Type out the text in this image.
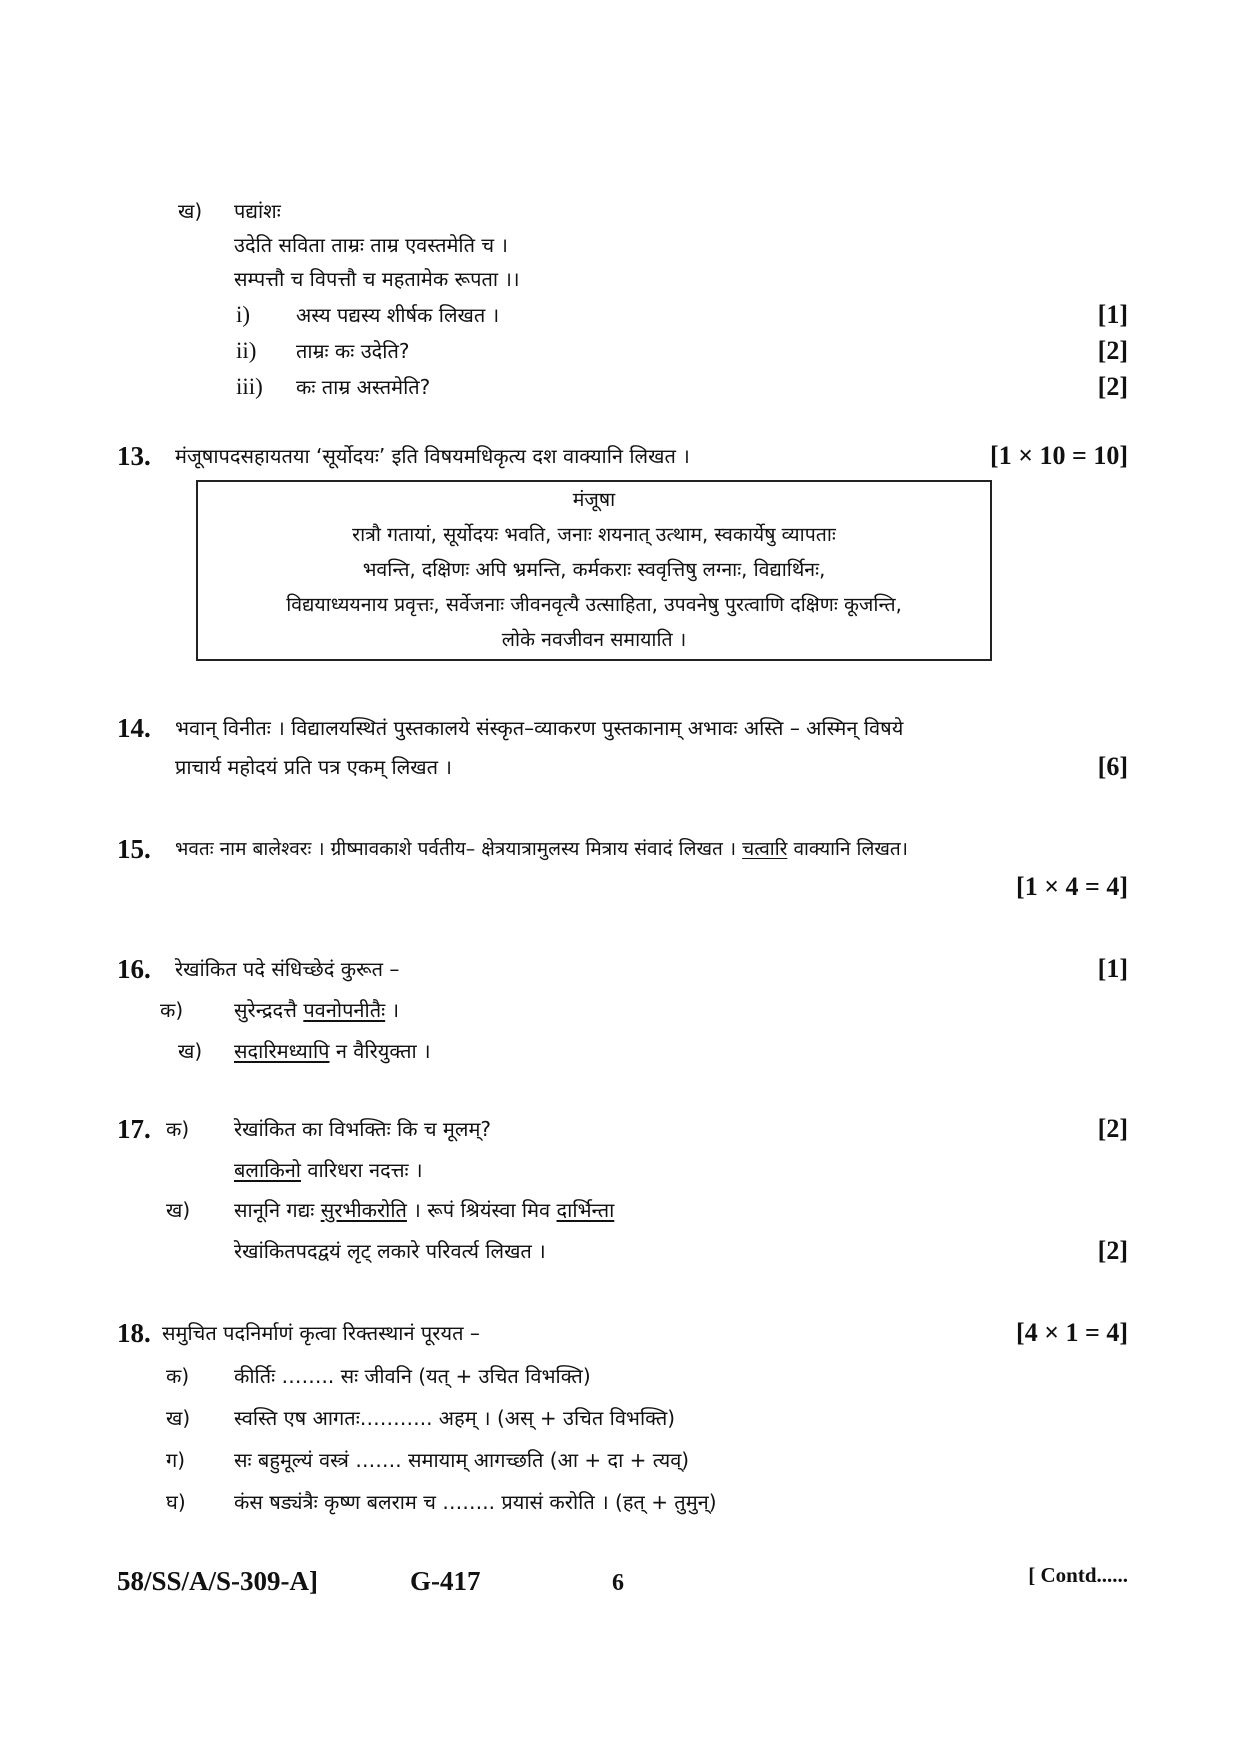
ख) पद्यांशः
उदेति सविता ताम्रः ताम्र एवस्तमेति च ।
सम्पत्तौ च विपत्तौ च महतामेक रूपता ।।
i) अस्य पद्यस्य शीर्षक लिखत ।	[1]
ii) ताम्रः कः उदेति?	[2]
iii) कः ताम्र अस्तमेति?	[2]
13. मंजूषापदसहायतया ‘सूर्योदयः’ इति विषयमधिकृत्य दश वाक्यानि लिखत ।	[1 × 10 = 10]
मंजूषा
रात्रौ गतायां, सूर्योदयः भवति, जनाः शयनात् उत्थाम, स्वकार्येषु व्यापताः
भवन्ति, दक्षिणः अपि भ्रमन्ति, कर्मकराः स्ववृत्तिषु लग्नाः, विद्यार्थिनः,
विद्ययाध्ययनाय प्रवृत्तः, सर्वेजनाः जीवनवृत्यै उत्साहिता, उपवनेषु पुरत्वाणि दक्षिणः कूजन्ति,
लोके नवजीवन समायाति ।
14. भवान् विनीतः । विद्यालयस्थितं पुस्तकालये संस्कृत–व्याकरण पुस्तकानाम् अभावः अस्ति – अस्मिन् विषये
प्राचार्य महोदयं प्रति पत्र एकम् लिखत ।	[6]
15. भवतः नाम बालेश्वरः । ग्रीष्मावकाशे पर्वतीय– क्षेत्रयात्रामुलस्य मित्राय संवादं लिखत । चत्वारि वाक्यानि लिखत।
[1 × 4 = 4]
16. रेखांकित पदे संधिच्छेदं कुरूत –	[1]
क)	सुरेन्द्रदत्तै पवनोपनीतैः ।
ख) सदारिमध्यापि न वैरियुक्ता ।
17. क) रेखांकित का विभक्तिः कि च मूलम्?	[2]
बलाकिनो वारिधरा नदत्तः ।
ख) सानूनि गद्यः सुरभीकरोति । रूपं श्रियंस्वा मिव दार्भिन्ता
रेखांकितपदद्वयं लृट् लकारे परिवर्त्य लिखत ।	[2]
18. समुचित पदनिर्माणं कृत्वा रिक्तस्थानं पूरयत –	[4 × 1 = 4]
क) कीर्तिः …….. सः जीवनि (यत् + उचित विभक्ति)
ख) स्वस्ति एष आगतः……….. अहम् । (अस् + उचित विभक्ति)
ग) सः बहुमूल्यं वस्त्रं ……. समायाम् आगच्छति (आ + दा + त्यव्)
घ) कंस षड्यंत्रैः कृष्ण बलराम च …….. प्रयासं करोति । (हत् + तुमुन्)
58/SS/A/S-309-A]	G-417	6	[ Contd......
